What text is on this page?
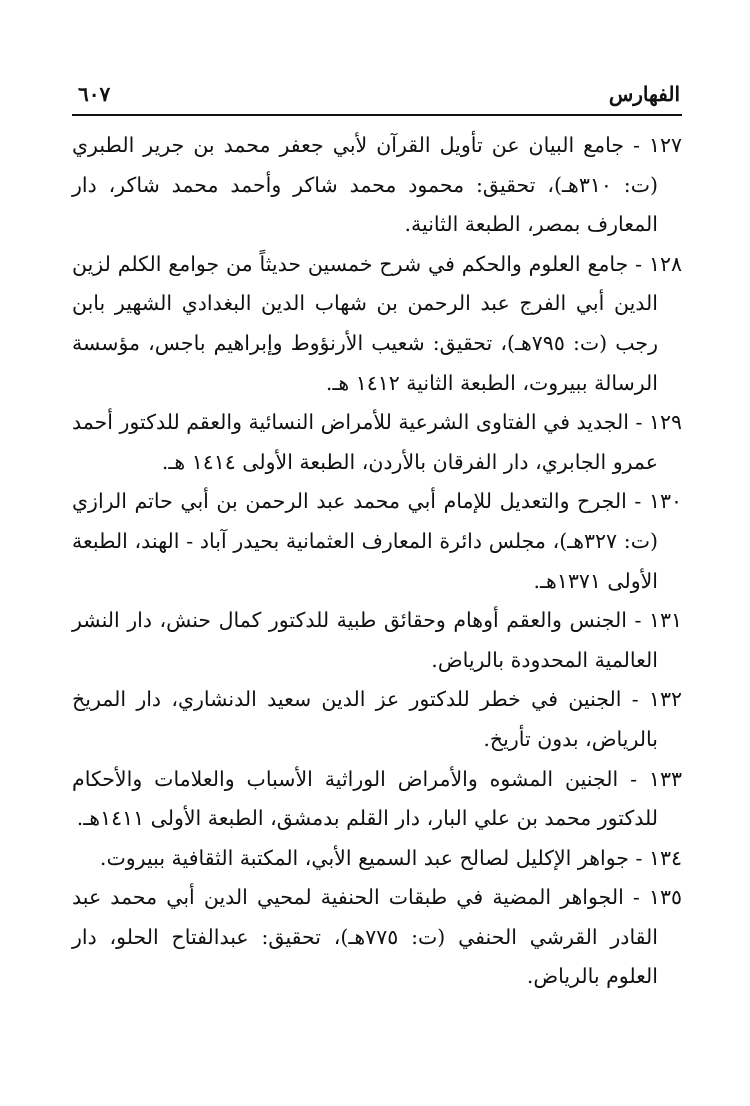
الفهارس
٦٠٧

١٢٧ - جامع البيان عن تأويل القرآن لأبي جعفر محمد بن جرير الطبري (ت: ٣١٠هـ)، تحقيق: محمود محمد شاكر وأحمد محمد شاكر، دار المعارف بمصر، الطبعة الثانية.

١٢٨ - جامع العلوم والحكم في شرح خمسين حديثاً من جوامع الكلم لزين الدين أبي الفرج عبد الرحمن بن شهاب الدين البغدادي الشهير بابن رجب (ت: ٧٩٥هـ)، تحقيق: شعيب الأرنؤوط وإبراهيم باجس، مؤسسة الرسالة ببيروت، الطبعة الثانية ١٤١٢ هـ.

١٢٩ - الجديد في الفتاوى الشرعية للأمراض النسائية والعقم للدكتور أحمد عمرو الجابري، دار الفرقان بالأردن، الطبعة الأولى ١٤١٤ هـ.

١٣٠ - الجرح والتعديل للإمام أبي محمد عبد الرحمن بن أبي حاتم الرازي (ت: ٣٢٧هـ)، مجلس دائرة المعارف العثمانية بحيدر آباد - الهند، الطبعة الأولى ١٣٧١هـ.

١٣١ - الجنس والعقم أوهام وحقائق طبية للدكتور كمال حنش، دار النشر العالمية المحدودة بالرياض.

١٣٢ - الجنين في خطر للدكتور عز الدين سعيد الدنشاري، دار المريخ بالرياض، بدون تأريخ.

١٣٣ - الجنين المشوه والأمراض الوراثية الأسباب والعلامات والأحكام للدكتور محمد بن علي البار، دار القلم بدمشق، الطبعة الأولى ١٤١١هـ.

١٣٤ - جواهر الإكليل لصالح عبد السميع الأبي، المكتبة الثقافية ببيروت.

١٣٥ - الجواهر المضية في طبقات الحنفية لمحيي الدين أبي محمد عبد القادر القرشي الحنفي (ت: ٧٧٥هـ)، تحقيق: عبدالفتاح الحلو، دار العلوم بالرياض.
